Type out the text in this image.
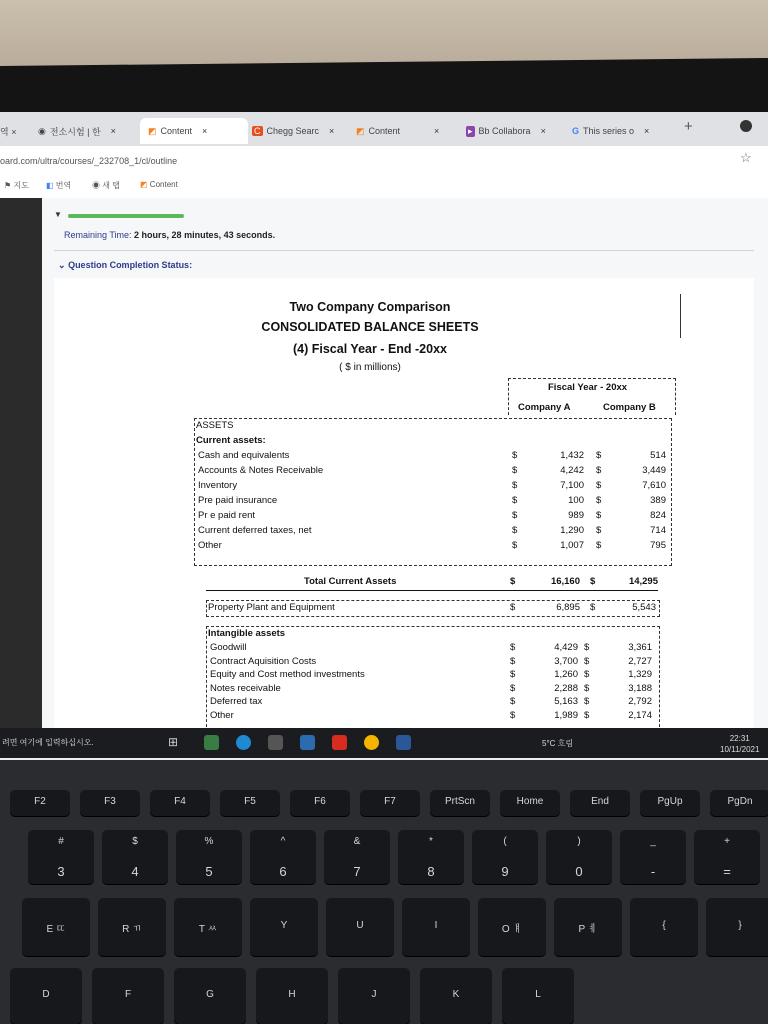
역 × ◉ 전소시험 | 한 ×	◩ Content ×	C Chegg Searc × ◩ Content	×	▸ Bb Collabora ×	G This series o × +
oard.com/ultra/courses/_232708_1/cl/outline	☆
⚑ 지도 ◧ 번역	◉ 새 탭	◩ Content
▼
Remaining Time: 2 hours, 28 minutes, 43 seconds.
⌄ Question Completion Status:
Two Company Comparison
CONSOLIDATED BALANCE SHEETS
(4) Fiscal Year - End -20xx
( $ in millions)
Fiscal Year - 20xx
Company A	Company B
ASSETS
Current assets:
Cash and equivalents	$	1,432 $	514
Accounts & Notes Receivable	$	4,242 $	3,449
Inventory	$	7,100 $	7,610
Pre paid insurance	$	100 $	389
Pr e paid rent	$	989 $	824
Current deferred taxes, net	$	1,290 $	714
Other	$	1,007 $	795
Total Current Assets	$	16,160 $	14,295
Property Plant and Equipment	$	6,895 $	5,543
Intangible assets
Goodwill	$	4,429 $	3,361
Contract Aquisition Costs	$	3,700 $	2,727
Equity and Cost method investments	$	1,260 $	1,329
Notes receivable	$	2,288 $	3,188
Deferred tax	$	5,163 $	2,792
Other	$	1,989 $	2,174
려면 여기에 입력하십시오.	⊞	5°C 흐림
22:31
10/11/2021
F2	F3	F4	F5	F6	F7	PrtScn	Home	End	PgUp	PgDn
#
3
$
4
%
5
^
6
&
7
*
8
(
9
)
0
_
-
+
=
E ㄸ	R ㄲ	T ㅆ	Y	U	I	O ㅒ	P ㅖ	{	}
D	F	G	H	J	K	L
